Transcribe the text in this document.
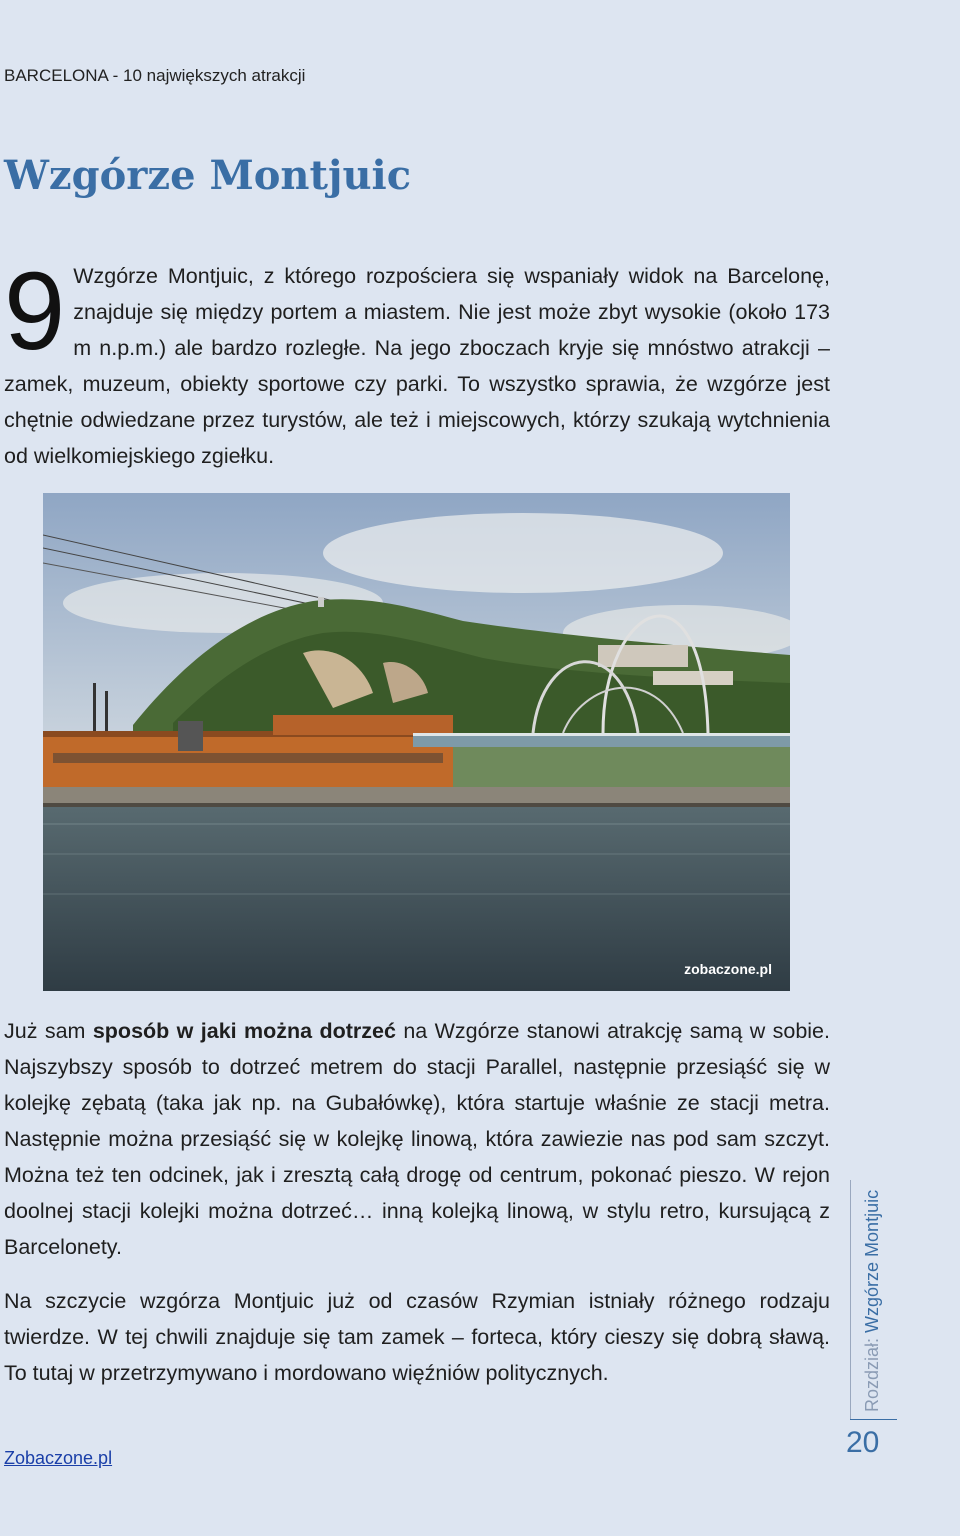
BARCELONA - 10 największych atrakcji
Wzgórze Montjuic
9 Wzgórze Montjuic, z którego rozpościera się wspaniały widok na Barcelonę, znajduje się między portem a miastem. Nie jest może zbyt wysokie (około 173 m n.p.m.) ale bardzo rozległe. Na jego zboczach kryje się mnóstwo atrakcji – zamek, muzeum, obiekty sportowe czy parki. To wszystko sprawia, że wzgórze jest chętnie odwiedzane przez turystów, ale też i miejscowych, którzy szukają wytchnienia od wielkomiejskiego zgiełku.
zobaczone.pl
Już sam sposób w jaki można dotrzeć na Wzgórze stanowi atrakcję samą w sobie. Najszybszy sposób to dotrzeć metrem do stacji Parallel, następnie przesiąść się w kolejkę zębatą (taka jak np. na Gubałówkę), która startuje właśnie ze stacji metra. Następnie można przesiąść się w kolejkę linową, która zawiezie nas pod sam szczyt. Można też ten odcinek, jak i zresztą całą drogę od centrum, pokonać pieszo. W rejon doolnej stacji kolejki można dotrzeć… inną kolejką linową, w stylu retro, kursującą z Barcelonety.
Na szczycie wzgórza Montjuic już od czasów Rzymian istniały różnego rodzaju twierdze. W tej chwili znajduje się tam zamek – forteca, który cieszy się dobrą sławą. To tutaj w przetrzymywano i mordowano więźniów politycznych.	Rozdział: Wzgórze Montjuic
20
Zobaczone.pl
